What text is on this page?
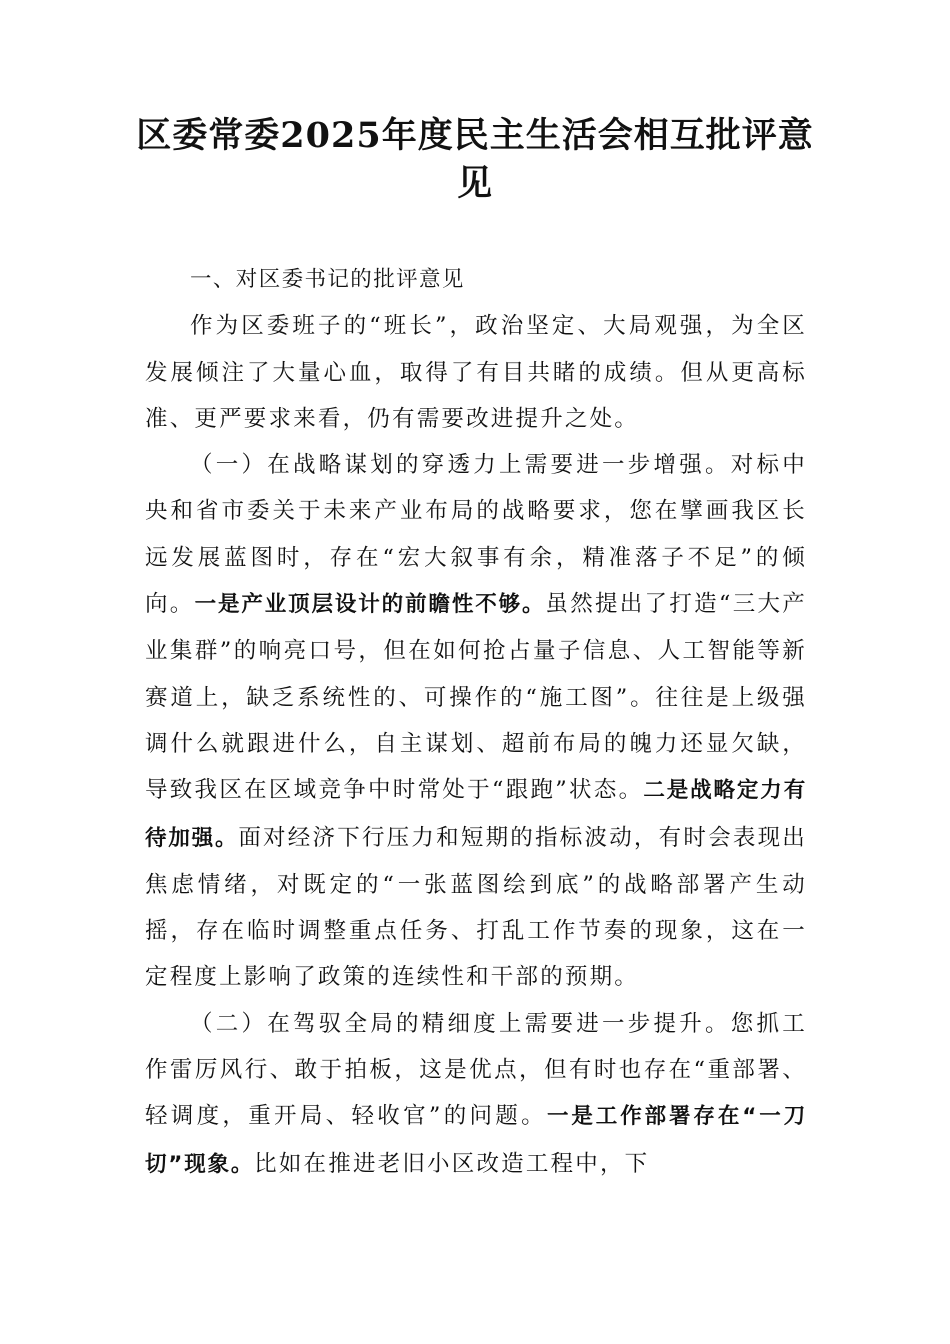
区委常委2025年度民主生活会相互批评意见

一、对区委书记的批评意见

作为区委班子的“班长”，政治坚定、大局观强，为全区发展倾注了大量心血，取得了有目共睹的成绩。但从更高标准、更严要求来看，仍有需要改进提升之处。

（一）在战略谋划的穿透力上需要进一步增强。对标中央和省市委关于未来产业布局的战略要求，您在擘画我区长远发展蓝图时，存在“宏大叙事有余，精准落子不足”的倾向。一是产业顶层设计的前瞻性不够。虽然提出了打造“三大产业集群”的响亮口号，但在如何抢占量子信息、人工智能等新赛道上，缺乏系统性的、可操作的“施工图”。往往是上级强调什么就跟进什么，自主谋划、超前布局的魄力还显欠缺，导致我区在区域竞争中时常处于“跟跑”状态。二是战略定力有待加强。面对经济下行压力和短期的指标波动，有时会表现出焦虑情绪，对既定的“一张蓝图绘到底”的战略部署产生动摇，存在临时调整重点任务、打乱工作节奏的现象，这在一定程度上影响了政策的连续性和干部的预期。

（二）在驾驭全局的精细度上需要进一步提升。您抓工作雷厉风行、敢于拍板，这是优点，但有时也存在“重部署、轻调度，重开局、轻收官”的问题。一是工作部署存在“一刀切”现象。比如在推进老旧小区改造工程中，下
